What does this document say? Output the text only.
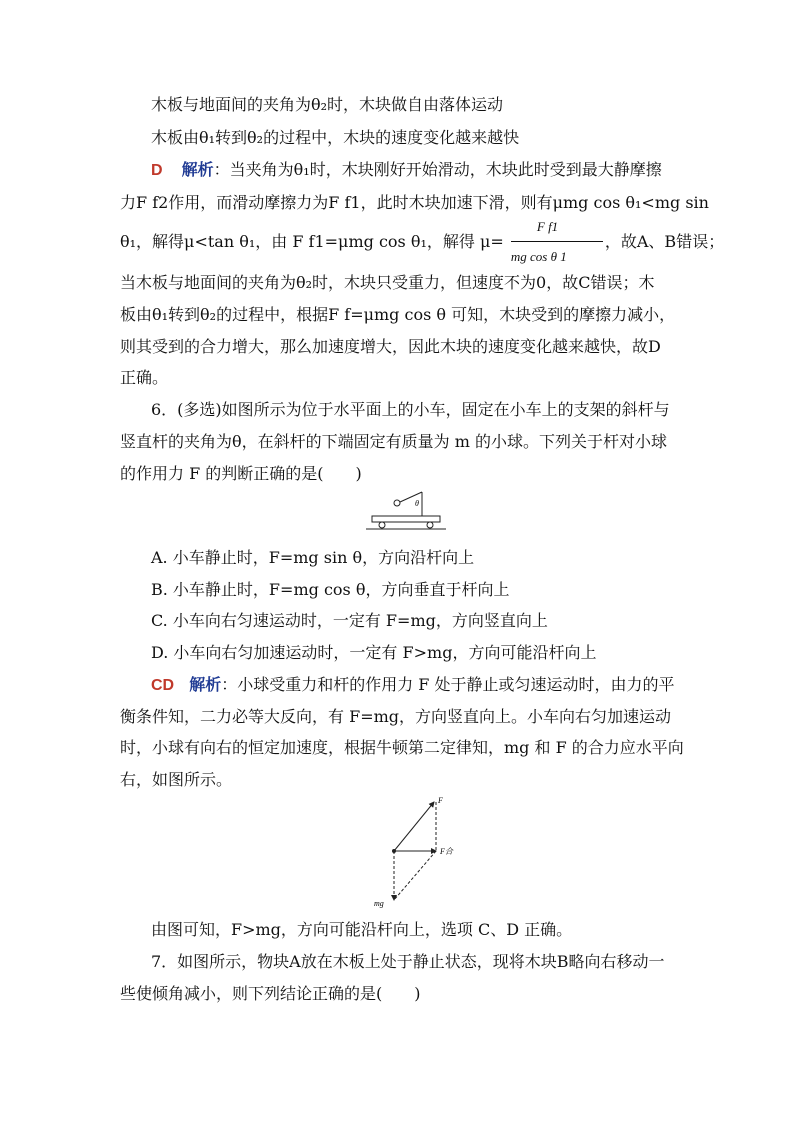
木板与地面间的夹角为θ₂时，木块做自由落体运动
木板由θ₁转到θ₂的过程中，木块的速度变化越来越快
D 解析：当夹角为θ₁时，木块刚好开始滑动，木块此时受到最大静摩擦
力F f2作用，而滑动摩擦力为F f1，此时木块加速下滑，则有μmg cos θ₁<mg sin
θ₁，解得μ<tan θ₁，由 F f1=μmg cos θ₁，解得 $\mu= \frac{\text{F f1}}{\text{mg cos θ 1}}$ ，故A、B错误；
当木板与地面间的夹角为θ₂时，木块只受重力，但速度不为0，故C错误；木
板由θ₁转到θ₂的过程中，根据F f=μmg cos θ 可知，木块受到的摩擦力减小，
则其受到的合力增大，那么加速度增大，因此木块的速度变化越来越快，故D
正确。
6．(多选)如图所示为位于水平面上的小车，固定在小车上的支架的斜杆与
竖直杆的夹角为θ，在斜杆的下端固定有质量为 m 的小球。下列关于杆对小球
的作用力 F 的判断正确的是(　　)
θ
A. 小车静止时，F=mg sin θ，方向沿杆向上
B. 小车静止时，F=mg cos θ，方向垂直于杆向上
C. 小车向右匀速运动时，一定有 F=mg，方向竖直向上
D. 小车向右匀加速运动时，一定有 F>mg，方向可能沿杆向上
CD 解析：小球受重力和杆的作用力 F 处于静止或匀速运动时，由力的平
衡条件知，二力必等大反向，有 F=mg，方向竖直向上。小车向右匀加速运动
时，小球有向右的恒定加速度，根据牛顿第二定律知，mg 和 F 的合力应水平向
右，如图所示。
F
F合
mg
由图可知，F>mg，方向可能沿杆向上，选项 C、D 正确。
7．如图所示，物块A放在木板上处于静止状态，现将木块B略向右移动一
些使倾角减小，则下列结论正确的是(　　)
